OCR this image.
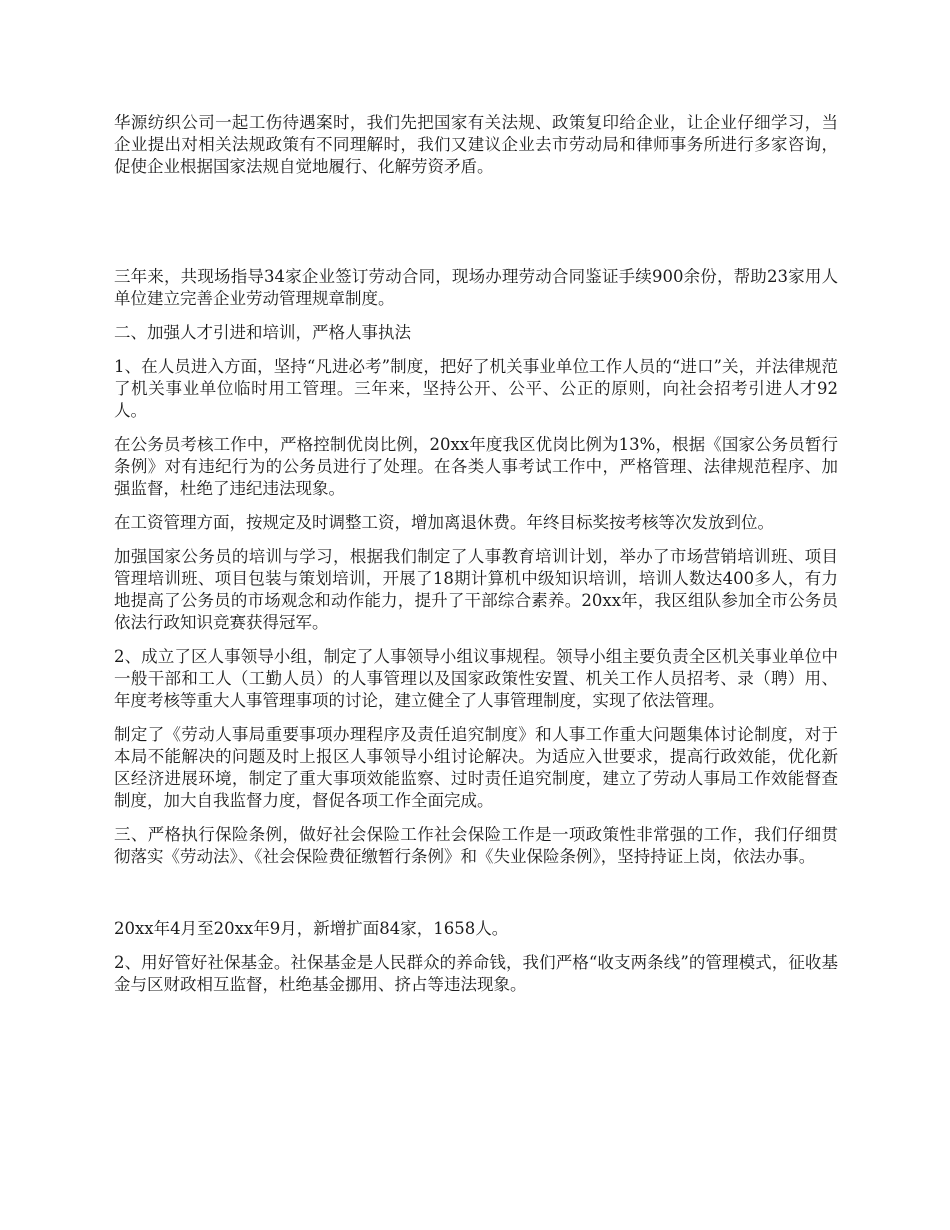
华源纺织公司一起工伤待遇案时，我们先把国家有关法规、政策复印给企业，让企业仔细学习，当企业提出对相关法规政策有不同理解时，我们又建议企业去市劳动局和律师事务所进行多家咨询，促使企业根据国家法规自觉地履行、化解劳资矛盾。

三年来，共现场指导34家企业签订劳动合同，现场办理劳动合同鉴证手续900余份，帮助23家用人单位建立完善企业劳动管理规章制度。

二、加强人才引进和培训，严格人事执法

1、在人员进入方面，坚持“凡进必考”制度，把好了机关事业单位工作人员的“进口”关，并法律规范了机关事业单位临时用工管理。三年来，坚持公开、公平、公正的原则，向社会招考引进人才92人。

在公务员考核工作中，严格控制优岗比例，20xx年度我区优岗比例为13%，根据《国家公务员暂行条例》对有违纪行为的公务员进行了处理。在各类人事考试工作中，严格管理、法律规范程序、加强监督，杜绝了违纪违法现象。

在工资管理方面，按规定及时调整工资，增加离退休费。年终目标奖按考核等次发放到位。

加强国家公务员的培训与学习，根据我们制定了人事教育培训计划，举办了市场营销培训班、项目管理培训班、项目包装与策划培训，开展了18期计算机中级知识培训，培训人数达400多人，有力地提高了公务员的市场观念和动作能力，提升了干部综合素养。20xx年，我区组队参加全市公务员依法行政知识竞赛获得冠军。

2、成立了区人事领导小组，制定了人事领导小组议事规程。领导小组主要负责全区机关事业单位中一般干部和工人（工勤人员）的人事管理以及国家政策性安置、机关工作人员招考、录（聘）用、年度考核等重大人事管理事项的讨论，建立健全了人事管理制度，实现了依法管理。

制定了《劳动人事局重要事项办理程序及责任追究制度》和人事工作重大问题集体讨论制度，对于本局不能解决的问题及时上报区人事领导小组讨论解决。为适应入世要求，提高行政效能，优化新区经济进展环境，制定了重大事项效能监察、过时责任追究制度，建立了劳动人事局工作效能督查制度，加大自我监督力度，督促各项工作全面完成。

三、严格执行保险条例，做好社会保险工作社会保险工作是一项政策性非常强的工作，我们仔细贯彻落实《劳动法》、《社会保险费征缴暂行条例》和《失业保险条例》，坚持持证上岗，依法办事。

20xx年4月至20xx年9月，新增扩面84家，1658人。

2、用好管好社保基金。社保基金是人民群众的养命钱，我们严格“收支两条线”的管理模式，征收基金与区财政相互监督，杜绝基金挪用、挤占等违法现象。
